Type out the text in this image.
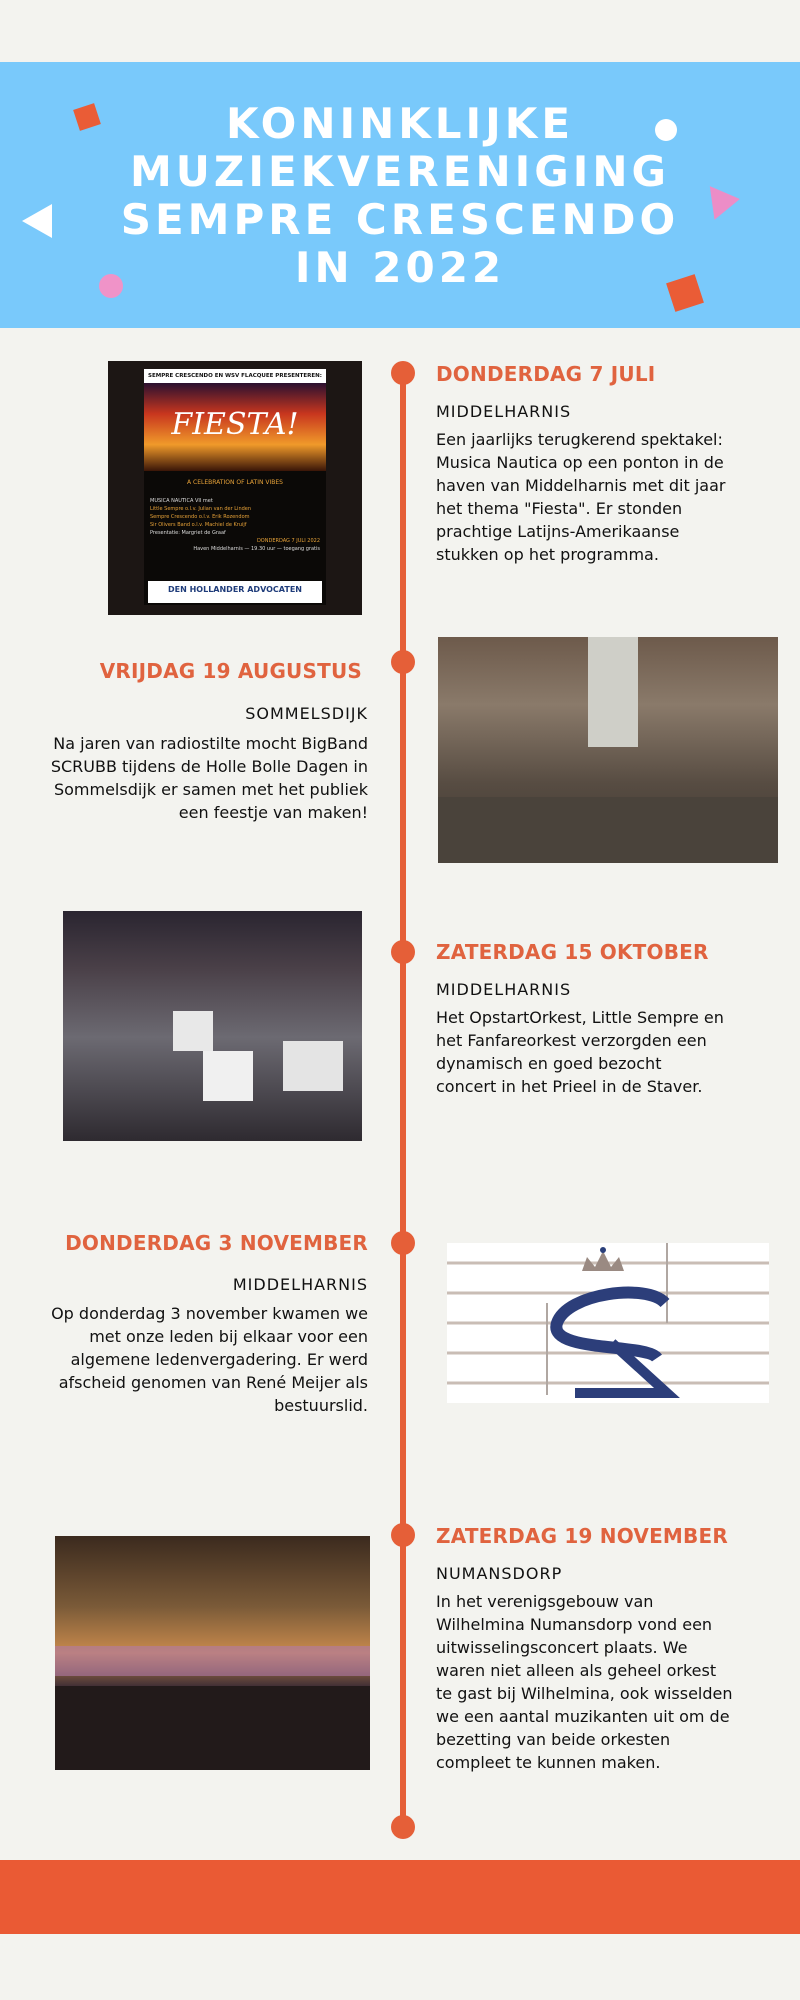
KONINKLIJKE
MUZIEKVERENIGING
SEMPRE CRESCENDO
IN 2022
SEMPRE CRESCENDO EN WSV FLACQUEE PRESENTEREN:
FIESTA!
A CELEBRATION OF LATIN VIBES
MUSICA NAUTICA VII met
Little Sempre o.l.v. Julian van der Linden
Sempre Crescendo o.l.v. Erik Rozendom
Sir Olivers Band o.l.v. Machiel de Kruijf
Presentatie: Margriet de Graaf
DONDERDAG 7 JULI 2022
Haven Middelharnis — 19.30 uur — toegang gratis
DEN HOLLANDER ADVOCATEN
DONDERDAG 7 JULI
MIDDELHARNIS
Een jaarlijks terugkerend spektakel: Musica Nautica op een ponton in de haven van Middelharnis met dit jaar het thema "Fiesta". Er stonden prachtige Latijns-Amerikaanse stukken op het programma.
VRIJDAG 19 AUGUSTUS
SOMMELSDIJK
Na jaren van radiostilte mocht BigBand SCRUBB tijdens de Holle Bolle Dagen in Sommelsdijk er samen met het publiek een feestje van maken!
ZATERDAG 15 OKTOBER
MIDDELHARNIS
Het OpstartOrkest, Little Sempre en het Fanfareorkest verzorgden een dynamisch en goed bezocht concert in het Prieel in de Staver.
DONDERDAG 3 NOVEMBER
MIDDELHARNIS
Op donderdag 3 november kwamen we met onze leden bij elkaar voor een algemene ledenvergadering. Er werd afscheid genomen van René Meijer als bestuurslid.
ZATERDAG 19 NOVEMBER
NUMANSDORP
In het verenigsgebouw van Wilhelmina Numansdorp vond een uitwisselingsconcert plaats. We waren niet alleen als geheel orkest te gast bij Wilhelmina, ook wisselden we een aantal muzikanten uit om de bezetting van beide orkesten compleet te kunnen maken.
